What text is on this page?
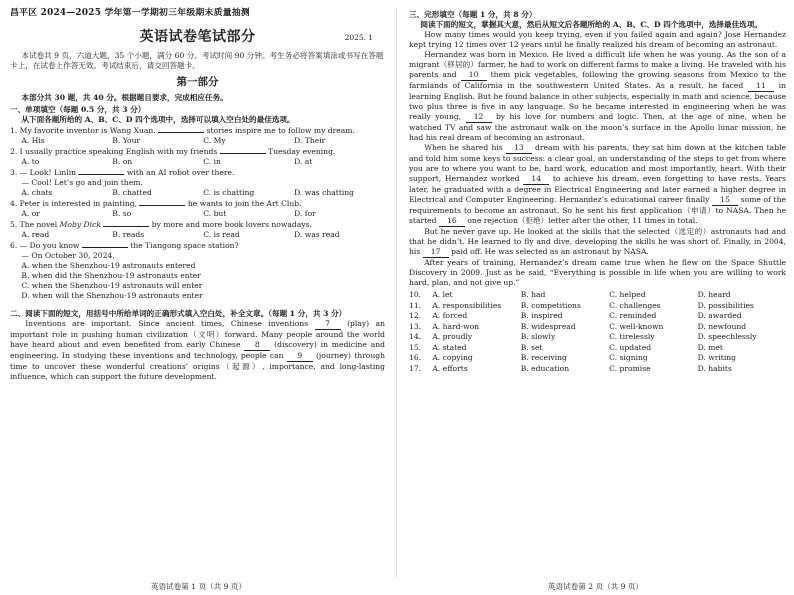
昌平区 2024—2025 学年第一学期初三年级期末质量抽测
英语试卷笔试部分	2025. 1
本试卷共 9 页，六道大题，35 个小题，满分 60 分。考试时间 90 分钟。考生务必将答案填涂或书写在答题卡上，在试卷上作答无效。考试结束后，请交回答题卡。
第一部分
本部分共 30 题，共 40 分。根据题目要求，完成相应任务。
一、单项填空（每题 0.5 分，共 3 分）
从下面各题所给的 A、B、C、D 四个选项中，选择可以填入空白处的最佳选项。
1. My favorite inventor is Wang Xuan.	stories inspire me to follow my dream.
A. His	B. Your	C. My	D. Their
2. I usually practice speaking English with my friends	Tuesday evening.
A. to	B. on	C. in	D. at
3. — Look! Linlin	with an AI robot over there.
— Cool! Let’s go and join them.
A. chats	B. chatted	C. is chatting	D. was chatting
4. Peter is interested in painting,	he wants to join the Art Club.
A. or	B. so	C. but	D. for
5. The novel Moby Dick	by more and more book lovers nowadays.
A. read	B. reads	C. is read	D. was read
6. — Do you know	the Tiangong space station?
— On October 30, 2024.
A. when the Shenzhou-19 astronauts entered
B. when did the Shenzhou-19 astronauts enter
C. when the Shenzhou-19 astronauts will enter
D. when will the Shenzhou-19 astronauts enter
二、阅读下面的短文，用括号中所给单词的正确形式填入空白处，补全文章。（每题 1 分，共 3 分）

Inventions are important. Since ancient times, Chinese inventions 7 (play) an important role in pushing human civilization（文明）forward. Many people around the world have heard about and even benefited from early Chinese 8 (discovery) in medicine and engineering. In studying these inventions and technology, people can 9 (journey) through time to uncover these wonderful creations’ origins（起源）, importance, and long-lasting influence, which can support the future development.

英语试卷第 1 页（共 9 页）
三、完形填空（每题 1 分，共 8 分）
阅读下面的短文，掌握其大意，然后从短文后各题所给的 A、B、C、D 四个选项中，选择最佳选项。

How many times would you keep trying, even if you failed again and again? Jose Hernandez kept trying 12 times over 12 years until he finally realized his dream of becoming an astronaut.

Hernandez was born in Mexico. He lived a difficult life when he was young. As the son of a migrant（移居的）farmer, he had to work on different farms to make a living. He traveled with his parents and 10 them pick vegetables, following the growing seasons from Mexico to the farmlands of California in the southwestern United States. As a result, he faced 11 in learning English. But he found balance in other subjects, especially in math and science, because two plus three is five in any language. So he became interested in engineering when he was really young, 12 by his love for numbers and logic. Then, at the age of nine, when he watched TV and saw the astronaut walk on the moon’s surface in the Apollo lunar mission, he had his real dream of becoming an astronaut.

When he shared his 13 dream with his parents, they sat him down at the kitchen table and told him some keys to success: a clear goal, an understanding of the steps to get from where you are to where you want to be, hard work, education and most importantly, heart. With their support, Hernandez worked 14 to achieve his dream, even forgetting to have rests. Years later, he graduated with a degree in Electrical Engineering and later earned a higher degree in Electrical and Computer Engineering. Hernandez’s educational career finally 15 some of the requirements to become an astronaut. So he sent his first application（申请）to NASA. Then he started 16 one rejection（拒绝）letter after the other, 11 times in total.

But he never gave up. He looked at the skills that the selected（选定的）astronauts had and that he didn’t. He learned to fly and dive, developing the skills he was short of. Finally, in 2004, his 17 paid off. He was selected as an astronaut by NASA.

After years of training, Hernandez’s dream came true when he flew on the Space Shuttle Discovery in 2009. Just as he said, “Everything is possible in life when you are willing to work hard, plan, and not give up.”

10.	A. let	B. had	C. helped	D. heard
11.	A. responsibilities	B. competitions	C. challenges	D. possibilities
12.	A. forced	B. inspired	C. reminded	D. awarded
13.	A. hard-won	B. widespread	C. well-known	D. newfound
14.	A. proudly	B. slowly	C. tirelessly	D. speechlessly
15.	A. stated	B. set	C. updated	D. met
16.	A. copying	B. receiving	C. signing	D. writing
17.	A. efforts	B. education	C. promise	D. habits
英语试卷第 2 页（共 9 页）
